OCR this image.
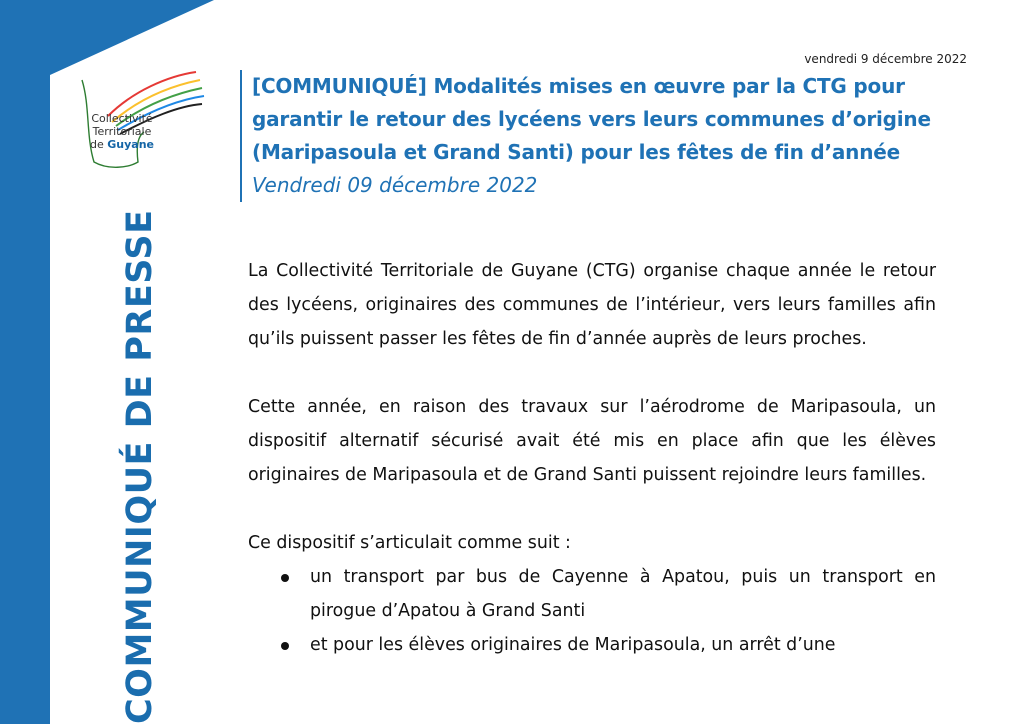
Collectivité
Territoriale
de Guyane
COMMUNIQUÉ DE PRESSE
vendredi 9 décembre 2022
[COMMUNIQUÉ] Modalités mises en œuvre par la CTG pour
garantir le retour des lycéens vers leurs communes d’origine
(Maripasoula et Grand Santi) pour les fêtes de fin d’année
Vendredi 09 décembre 2022

La Collectivité Territoriale de Guyane (CTG) organise chaque année le retour des lycéens, originaires des communes de l’intérieur, vers leurs familles afin qu’ils puissent passer les fêtes de fin d’année auprès de leurs proches.

Cette année, en raison des travaux sur l’aérodrome de Maripasoula, un dispositif alternatif sécurisé avait été mis en place afin que les élèves originaires de Maripasoula et de Grand Santi puissent rejoindre leurs familles.

Ce dispositif s’articulait comme suit :

un transport par bus de Cayenne à Apatou, puis un transport en pirogue d’Apatou à Grand Santi
et pour les élèves originaires de Maripasoula, un arrêt d’une
